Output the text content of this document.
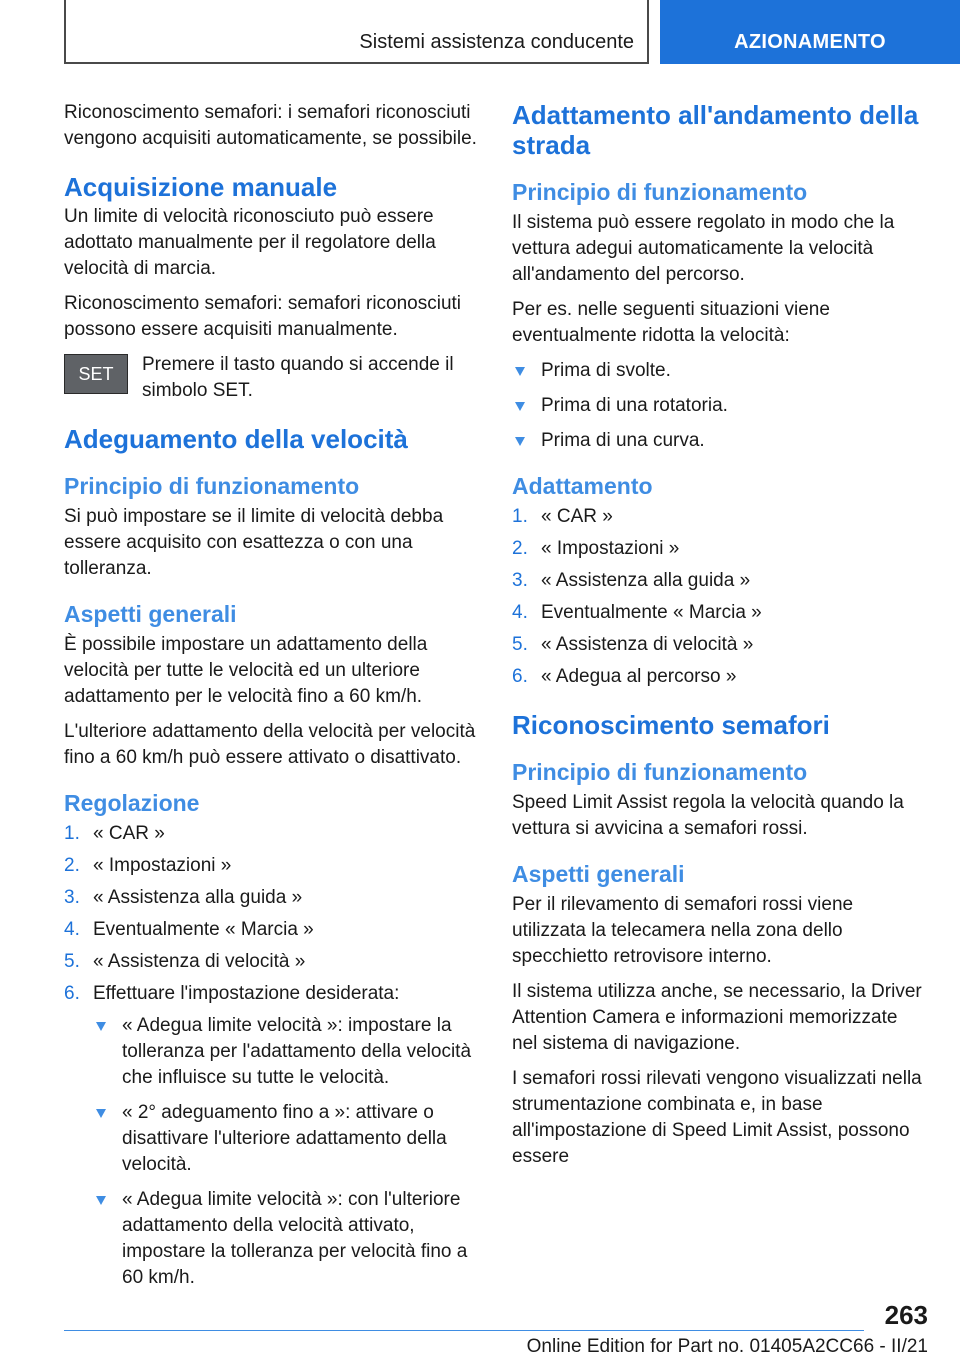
Sistemi assistenza conducente	AZIONAMENTO

Riconoscimento semafori: i semafori riconosciuti vengono acquisiti automaticamente, se possibile.

Acquisizione manuale

Un limite di velocità riconosciuto può essere adottato manualmente per il regolatore della velocità di marcia.

Riconoscimento semafori: semafori riconosciuti possono essere acquisiti manualmente.

SET	Premere il tasto quando si accende il simbolo SET.
Adeguamento della velocità
Principio di funzionamento

Si può impostare se il limite di velocità debba essere acquisito con esattezza o con una tolleranza.

Aspetti generali

È possibile impostare un adattamento della velocità per tutte le velocità ed un ulteriore adattamento per le velocità fino a 60 km/h.

L'ulteriore adattamento della velocità per velocità fino a 60 km/h può essere attivato o disattivato.

Regolazione
1. « CAR »
2. « Impostazioni »
3. « Assistenza alla guida »
4. Eventualmente « Marcia »
5. « Assistenza di velocità »
6. Effettuare l'impostazione desiderata:
« Adegua limite velocità »: impostare la tolleranza per l'adattamento della velocità che influisce su tutte le velocità.
« 2° adeguamento fino a »: attivare o disattivare l'ulteriore adattamento della velocità.
« Adegua limite velocità »: con l'ulteriore adattamento della velocità attivato, impostare la tolleranza per velocità fino a 60 km/h.
Adattamento all'andamento della strada
Principio di funzionamento

Il sistema può essere regolato in modo che la vettura adegui automaticamente la velocità all'andamento del percorso.

Per es. nelle seguenti situazioni viene eventualmente ridotta la velocità:

Prima di svolte.
Prima di una rotatoria.
Prima di una curva.
Adattamento
1. « CAR »
2. « Impostazioni »
3. « Assistenza alla guida »
4. Eventualmente « Marcia »
5. « Assistenza di velocità »
6. « Adegua al percorso »
Riconoscimento semafori
Principio di funzionamento

Speed Limit Assist regola la velocità quando la vettura si avvicina a semafori rossi.

Aspetti generali

Per il rilevamento di semafori rossi viene utilizzata la telecamera nella zona dello specchietto retrovisore interno.

Il sistema utilizza anche, se necessario, la Driver Attention Camera e informazioni memorizzate nel sistema di navigazione.

I semafori rossi rilevati vengono visualizzati nella strumentazione combinata e, in base all'impostazione di Speed Limit Assist, possono essere

263
Online Edition for Part no. 01405A2CC66 - II/21
